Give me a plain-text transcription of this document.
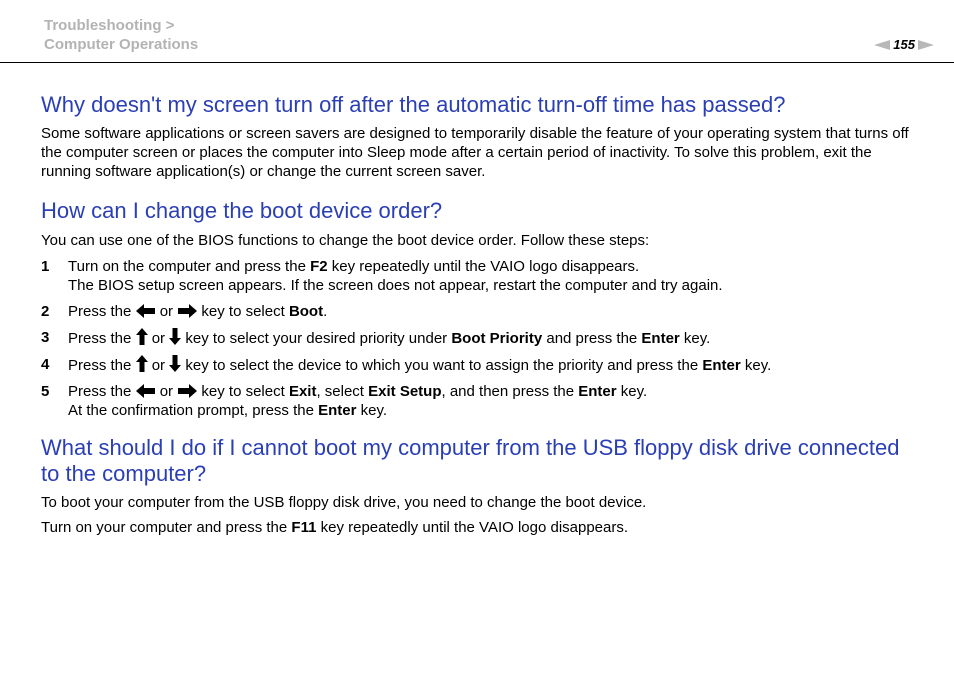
Troubleshooting >
Computer Operations	155
Why doesn't my screen turn off after the automatic turn-off time has passed?

Some software applications or screen savers are designed to temporarily disable the feature of your operating system that turns off the computer screen or places the computer into Sleep mode after a certain period of inactivity. To solve this problem, exit the running software application(s) or change the current screen saver.

How can I change the boot device order?

You can use one of the BIOS functions to change the boot device order. Follow these steps:

1	Turn on the computer and press the F2 key repeatedly until the VAIO logo disappears.
The BIOS setup screen appears. If the screen does not appear, restart the computer and try again.
2	Press the  or  key to select Boot.
3	Press the  or  key to select your desired priority under Boot Priority and press the Enter key.
4	Press the  or  key to select the device to which you want to assign the priority and press the Enter key.
5	Press the  or  key to select Exit, select Exit Setup, and then press the Enter key.
At the confirmation prompt, press the Enter key.
What should I do if I cannot boot my computer from the USB floppy disk drive connected to the computer?

To boot your computer from the USB floppy disk drive, you need to change the boot device.

Turn on your computer and press the F11 key repeatedly until the VAIO logo disappears.
